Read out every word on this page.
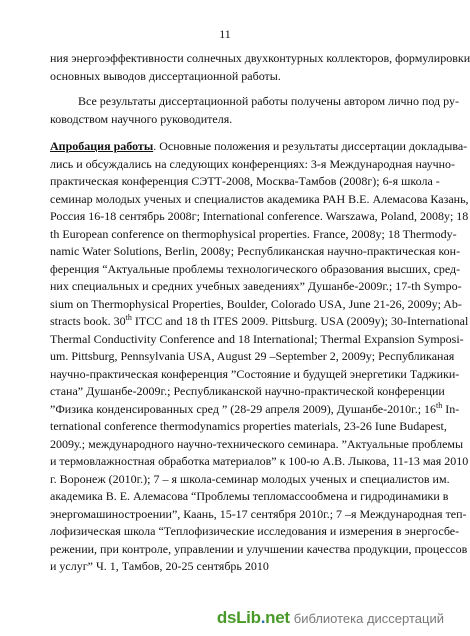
11
ния энергоэффективности солнечных двухконтурных коллекторов, формулировки
основных выводов диссертационной работы.
Все результаты диссертационной работы получены автором лично под ру-
ководством научного руководителя.
Апробация работы. Основные положения и результаты диссертации докладыва-
лись и обсуждались на следующих конференциях: 3-я Международная научно-
практическая конференция СЭТТ-2008, Москва-Тамбов (2008г); 6-я школа -
семинар молодых ученых и специалистов академика РАН В.Е. Алемасова Казань,
Россия 16-18 сентябрь 2008г; International conference. Warszawa, Poland, 2008y; 18
th European conference on thermophysical properties. France, 2008y; 18 Thermody-
namic Water Solutions, Berlin, 2008y; Республиканская научно-практическая кон-
ференция “Актуальные проблемы технологического образования высших, сред-
них специальных и средних учебных заведениях” Душанбе-2009г.; 17-th Sympo-
sium on Thermophysical Properties, Boulder, Colorado USA, June 21-26, 2009y; Ab-
stracts book. 30th ITCC and 18 th ITES 2009. Pittsburg. USA (2009y); 30-International
Thermal Conductivity Conference and 18 International; Thermal Expansion Symposi-
um. Pittsburg, Pennsylvania USA, August 29 –September 2, 2009y; Республиканая
научно-практическая конференция ”Состояние и будущей энергетики Таджики-
стана” Душанбе-2009г.; Республиканской научно-практической конференции
”Физика конденсированных сред ” (28-29 апреля 2009), Душанбе-2010г.; 16th In-
ternational conference thermodynamics properties materials, 23-26 Iune Budapest,
2009у.; международного научно-технического семинара. ”Актуальные проблемы
и термовлажностная обработка материалов” к 100-ю А.В. Лыкова, 11-13 мая 2010
г. Воронеж (2010г.); 7 – я школа-семинар молодых ученых и специалистов им.
академика В. Е. Алемасова “Проблемы тепломассообмена и гидродинамики в
энергомашиностроении”, Каань, 15-17 сентября 2010г.; 7 –я Международная теп-
лофизическая школа “Теплофизические исследования и измерения в энергосбе-
режении, при контроле, управлении и улучшении качества продукции, процессов
и услуг” Ч. 1, Тамбов, 20-25 сентябрь 2010
dsLib.net библиотека диссертаций
